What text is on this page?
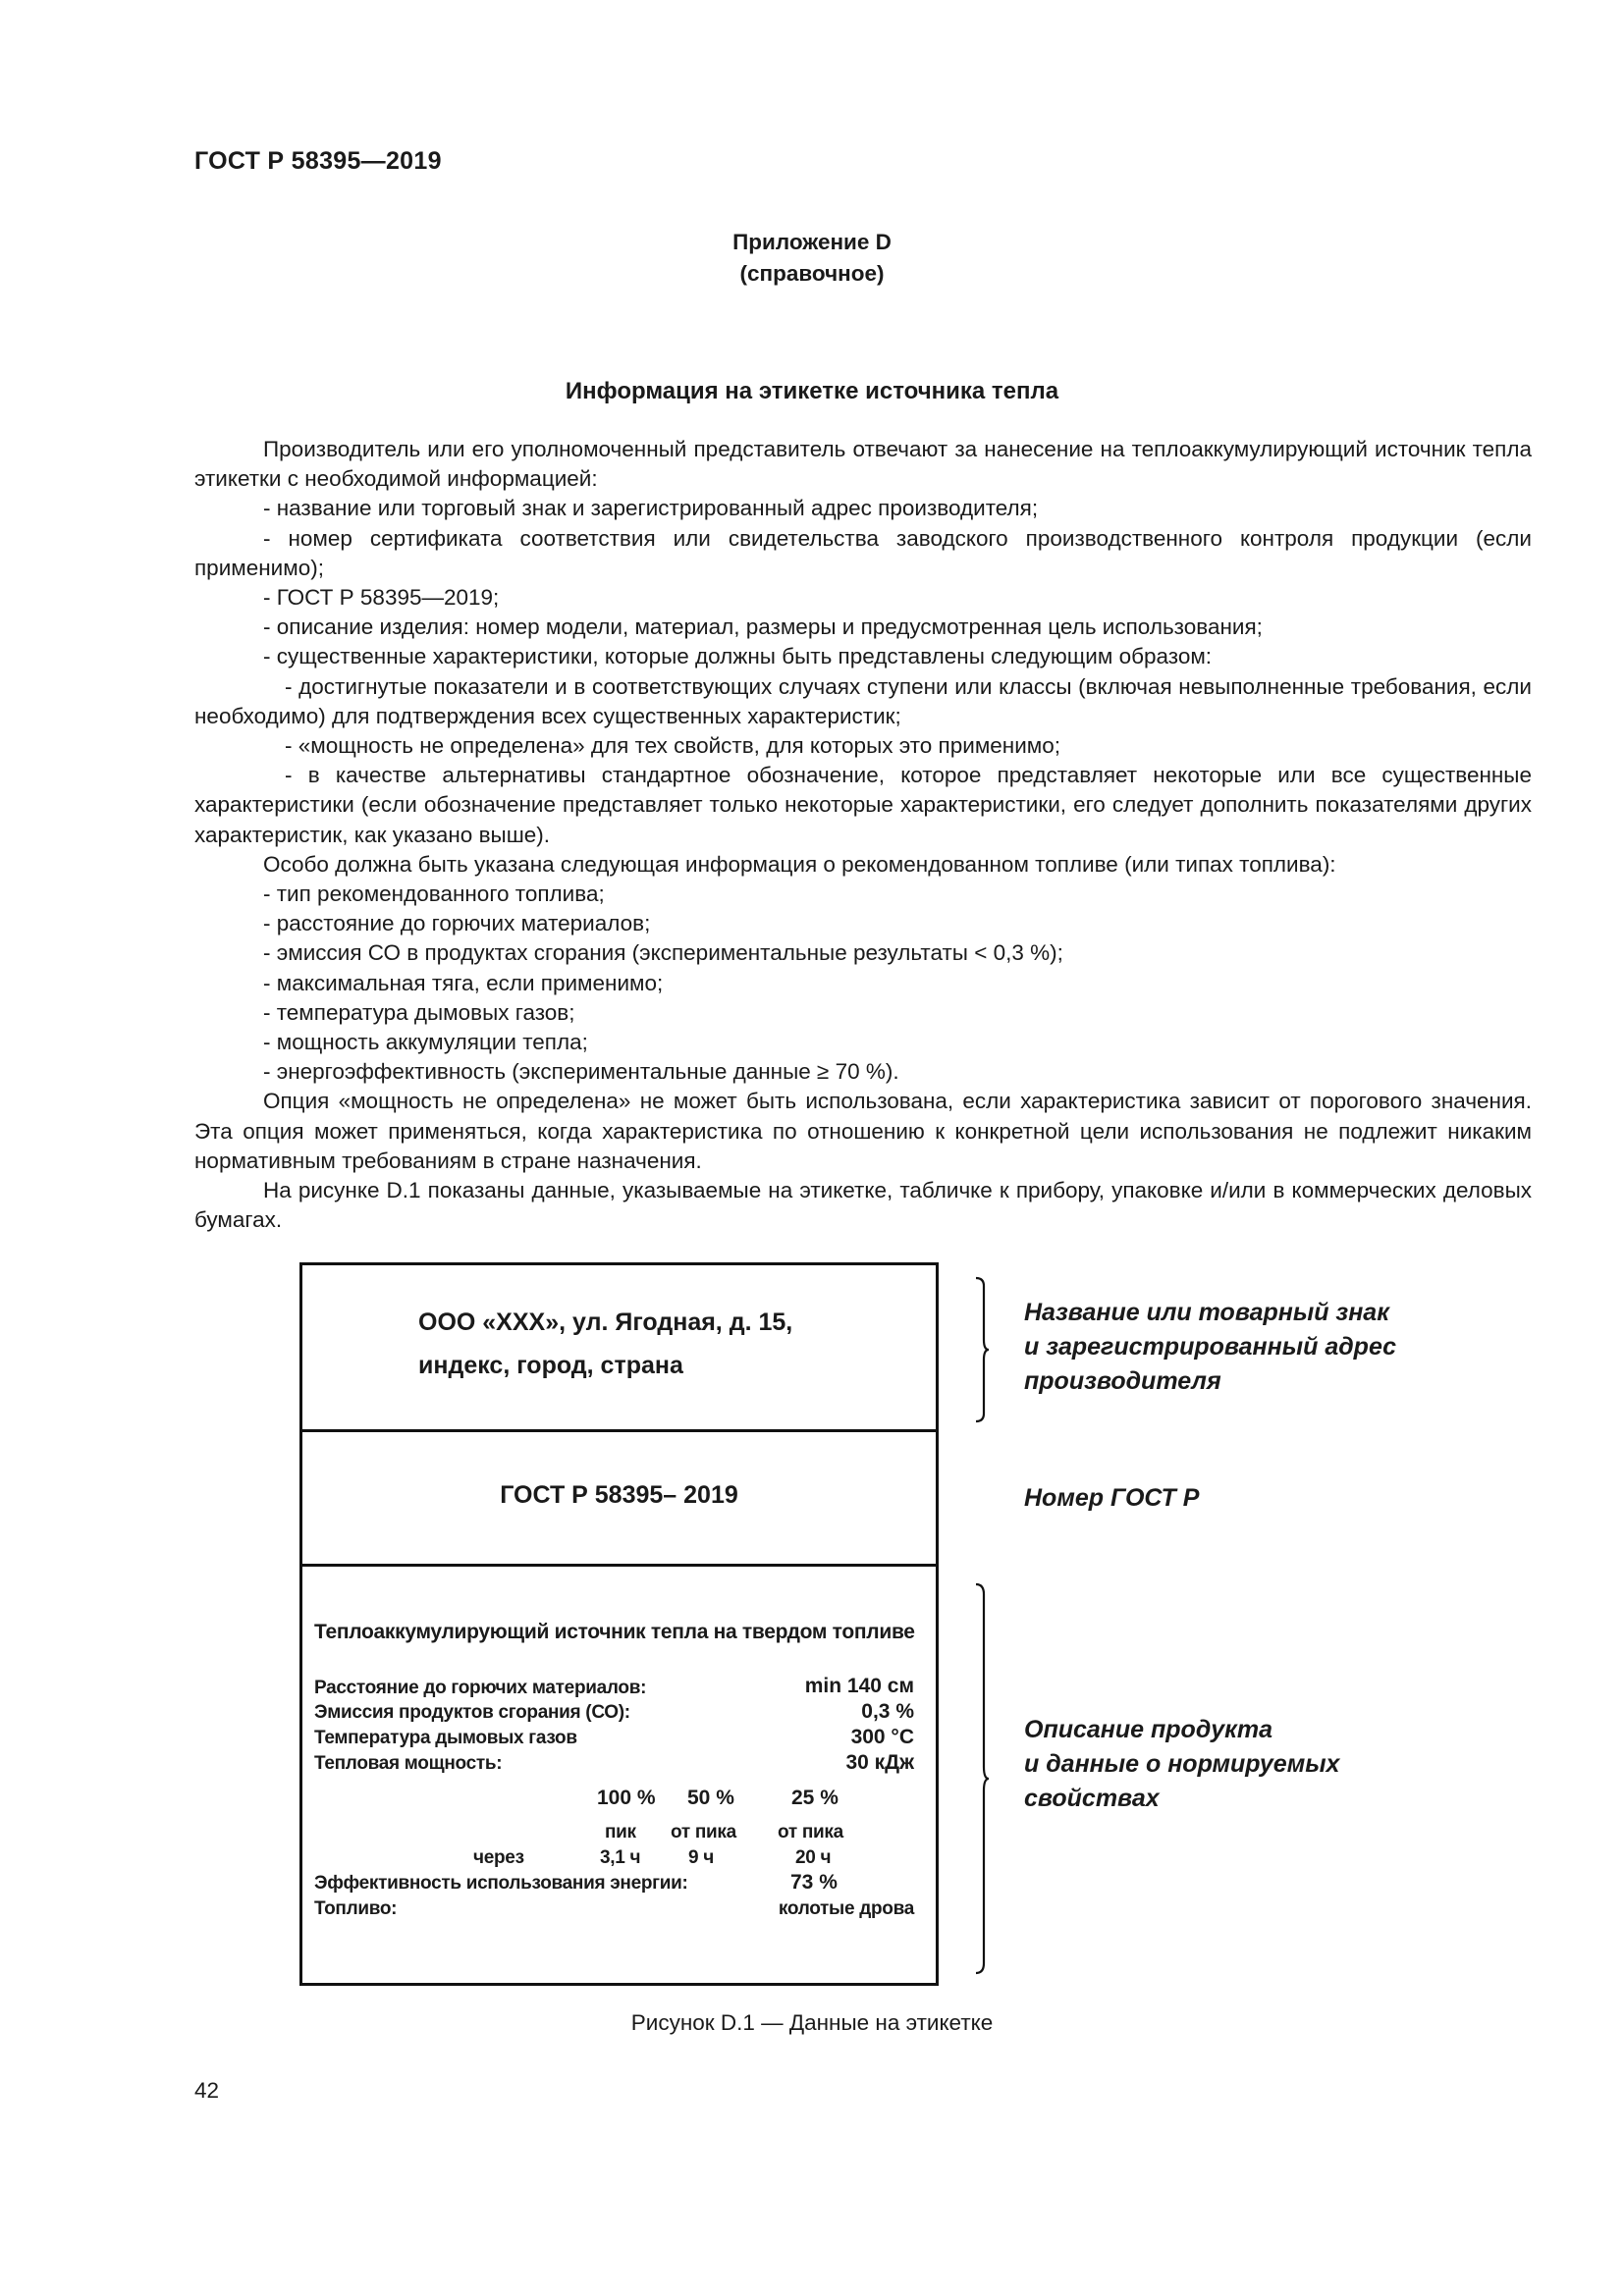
ГОСТ Р 58395—2019
Приложение D
(справочное)
Информация на этикетке источника тепла

Производитель или его уполномоченный представитель отвечают за нанесение на теплоаккумулирующий источник тепла этикетки с необходимой информацией:

- название или торговый знак и зарегистрированный адрес производителя;

- номер сертификата соответствия или свидетельства заводского производственного контроля продукции (если применимо);

- ГОСТ Р 58395—2019;

- описание изделия: номер модели, материал, размеры и предусмотренная цель использования;

- существенные характеристики, которые должны быть представлены следующим образом:

- достигнутые показатели и в соответствующих случаях ступени или классы (включая невыполненные требования, если необходимо) для подтверждения всех существенных характеристик;

- «мощность не определена» для тех свойств, для которых это применимо;

- в качестве альтернативы стандартное обозначение, которое представляет некоторые или все существенные характеристики (если обозначение представляет только некоторые характеристики, его следует дополнить показателями других характеристик, как указано выше).

Особо должна быть указана следующая информация о рекомендованном топливе (или типах топлива):

- тип рекомендованного топлива;

- расстояние до горючих материалов;

- эмиссия СО в продуктах сгорания (экспериментальные результаты < 0,3 %);

- максимальная тяга, если применимо;

- температура дымовых газов;

- мощность аккумуляции тепла;

- энергоэффективность (экспериментальные данные ≥ 70 %).

Опция «мощность не определена» не может быть использована, если характеристика зависит от порогового значения. Эта опция может применяться, когда характеристика по отношению к конкретной цели использования не подлежит никаким нормативным требованиям в стране назначения.

На рисунке D.1 показаны данные, указываемые на этикетке, табличке к прибору, упаковке и/или в коммерческих деловых бумагах.

ООО «ХХХ», ул. Ягодная, д. 15,
индекс, город, страна
ГОСТ Р 58395– 2019
Теплоаккумулирующий источник тепла на твердом топливе
Расстояние до горючих материалов:	min 140 см
Эмиссия продуктов сгорания (СО):	0,3 %
Температура дымовых газов	300 °С
Тепловая мощность:	30 кДж
100 % 50 %	25 %
пик от пика от пика
через	3,1 ч	9 ч	20 ч
Эффективность использования энергии:	73 %
Топливо:	колотые дрова
Название или товарный знак
и зарегистрированный адрес
производителя
Номер ГОСТ Р
Описание продукта
и данные о нормируемых
свойствах
Рисунок D.1 — Данные на этикетке
42
